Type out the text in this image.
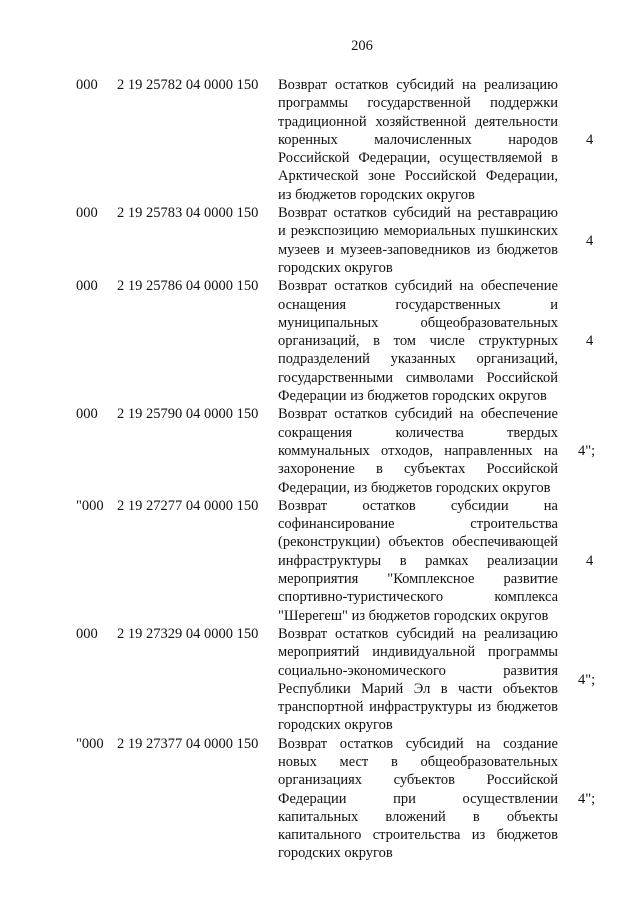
206
000 2 19 25782 04 0000 150 Возврат остатков субсидий на реализацию
программы государственной поддержки
традиционной хозяйственной деятельности
коренных малочисленных народов
Российской Федерации, осуществляемой в
Арктической зоне Российской Федерации,
из бюджетов городских округов
4
000 2 19 25783 04 0000 150 Возврат остатков субсидий на реставрацию
и реэкспозицию мемориальных пушкинских
музеев и музеев-заповедников из бюджетов
городских округов
4
000 2 19 25786 04 0000 150 Возврат остатков субсидий на обеспечение
оснащения государственных и
муниципальных общеобразовательных
организаций, в том числе структурных
подразделений указанных организаций,
государственными символами Российской
Федерации из бюджетов городских округов
4
000 2 19 25790 04 0000 150 Возврат остатков субсидий на обеспечение
сокращения количества твердых
коммунальных отходов, направленных на
захоронение в субъектах Российской
Федерации, из бюджетов городских округов
4";
"000 2 19 27277 04 0000 150 Возврат остатков субсидии на
софинансирование строительства
(реконструкции) объектов обеспечивающей
инфраструктуры в рамках реализации
мероприятия "Комплексное развитие
спортивно-туристического комплекса
"Шерегеш" из бюджетов городских округов
4
000 2 19 27329 04 0000 150 Возврат остатков субсидий на реализацию
мероприятий индивидуальной программы
социально-экономического развития
Республики Марий Эл в части объектов
транспортной инфраструктуры из бюджетов
городских округов
4";
"000 2 19 27377 04 0000 150 Возврат остатков субсидий на создание
новых мест в общеобразовательных
организациях субъектов Российской
Федерации при осуществлении
капитальных вложений в объекты
капитального строительства из бюджетов
городских округов
4";
